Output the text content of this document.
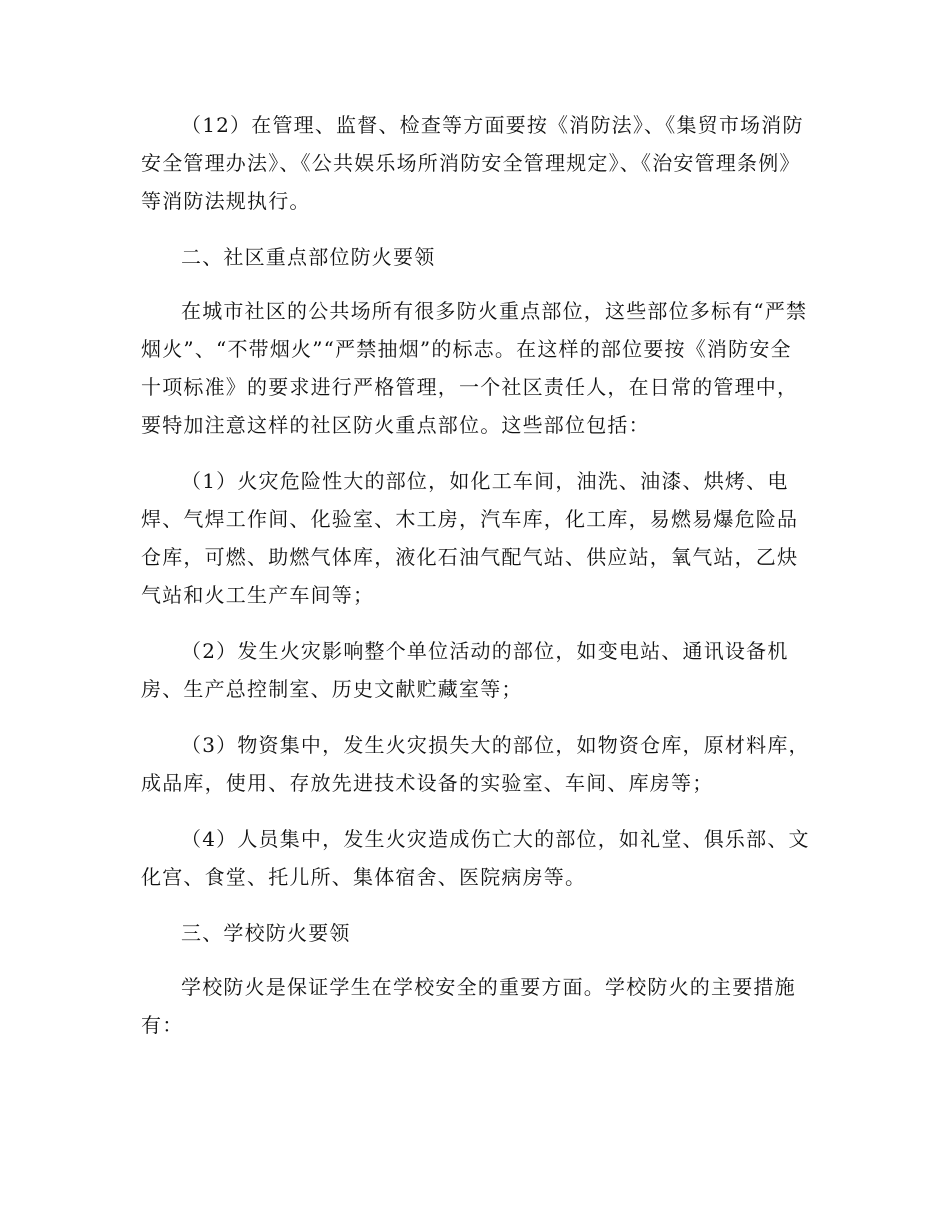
（12）在管理、监督、检查等方面要按《消防法》、《集贸市场消防安全管理办法》、《公共娱乐场所消防安全管理规定》、《治安管理条例》等消防法规执行。

二、社区重点部位防火要领

在城市社区的公共场所有很多防火重点部位，这些部位多标有“严禁烟火”、“不带烟火”“严禁抽烟”的标志。在这样的部位要按《消防安全十项标准》的要求进行严格管理，一个社区责任人，在日常的管理中，要特加注意这样的社区防火重点部位。这些部位包括：

（1）火灾危险性大的部位，如化工车间，油洗、油漆、烘烤、电焊、气焊工作间、化验室、木工房，汽车库，化工库，易燃易爆危险品仓库，可燃、助燃气体库，液化石油气配气站、供应站，氧气站，乙炔气站和火工生产车间等；

（2）发生火灾影响整个单位活动的部位，如变电站、通讯设备机房、生产总控制室、历史文献贮藏室等；

（3）物资集中，发生火灾损失大的部位，如物资仓库，原材料库，成品库，使用、存放先进技术设备的实验室、车间、库房等；

（4）人员集中，发生火灾造成伤亡大的部位，如礼堂、俱乐部、文化宫、食堂、托儿所、集体宿舍、医院病房等。

三、学校防火要领

学校防火是保证学生在学校安全的重要方面。学校防火的主要措施有：
